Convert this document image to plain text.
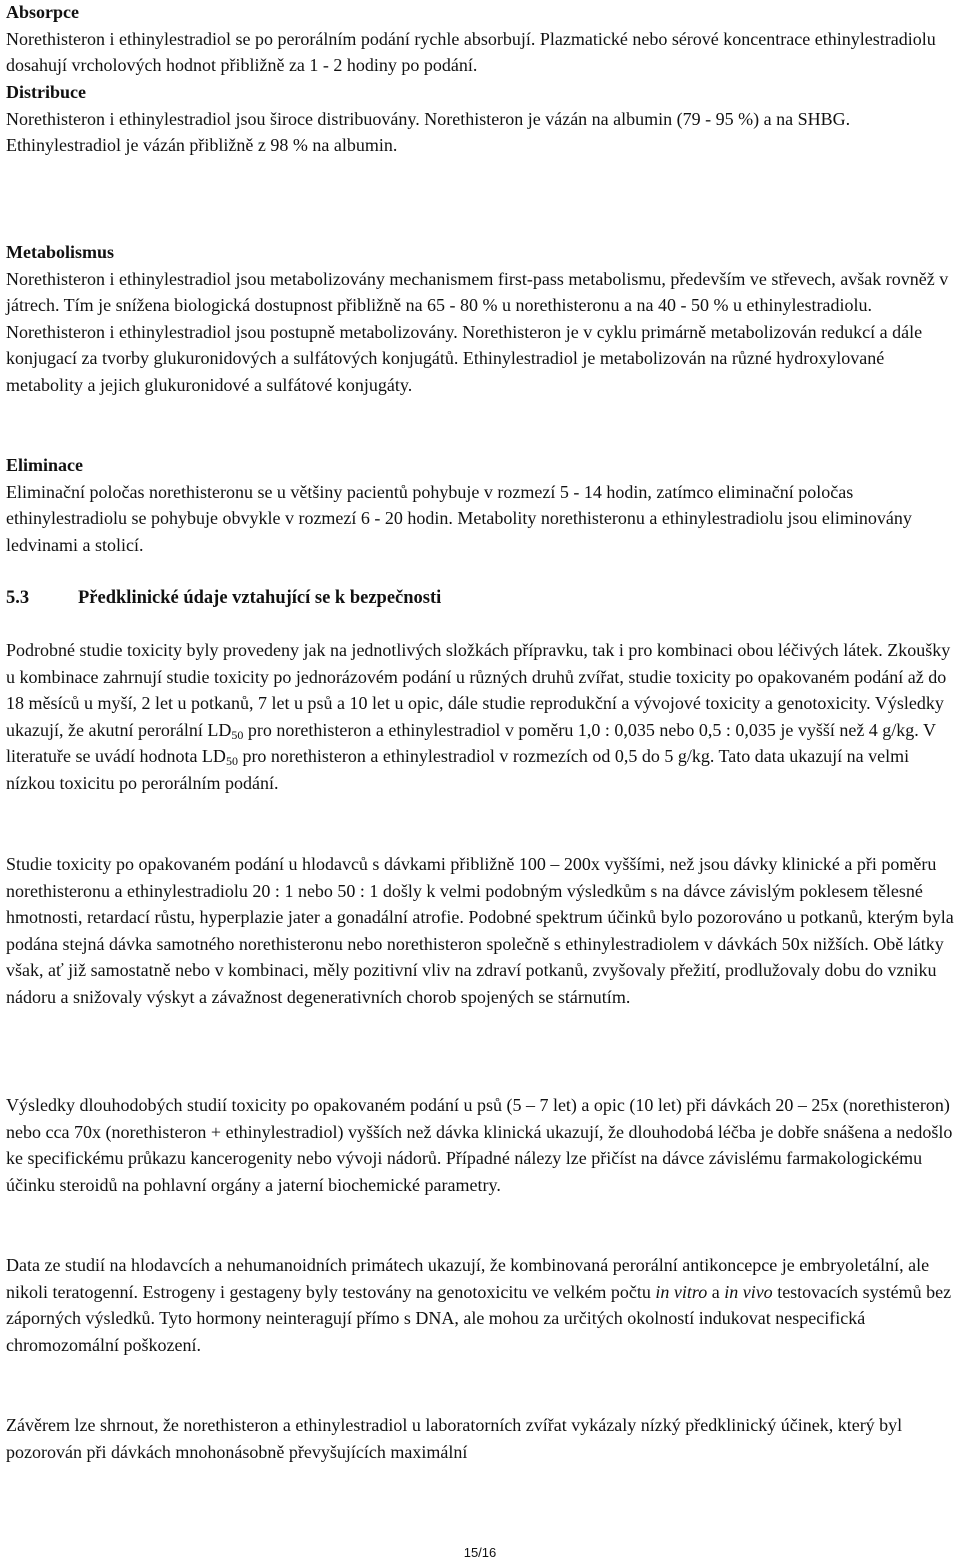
Absorpce
Norethisteron i ethinylestradiol se po perorálním podání rychle absorbují. Plazmatické nebo sérové koncentrace ethinylestradiolu dosahují vrcholových hodnot přibližně za 1 - 2 hodiny po podání.

Distribuce
Norethisteron i ethinylestradiol jsou široce distribuovány. Norethisteron je vázán na albumin (79 - 95 %) a na SHBG. Ethinylestradiol je vázán přibližně z 98 % na albumin.

Metabolismus
Norethisteron i ethinylestradiol jsou metabolizovány mechanismem first-pass metabolismu, především ve střevech, avšak rovněž v játrech. Tím je snížena biologická dostupnost přibližně na 65 - 80 % u norethisteronu a na 40 - 50 % u ethinylestradiolu. Norethisteron i ethinylestradiol jsou postupně metabolizovány. Norethisteron je v cyklu primárně metabolizován redukcí a dále konjugací za tvorby glukuronidových a sulfátových konjugátů. Ethinylestradiol je metabolizován na různé hydroxylované metabolity a jejich glukuronidové a sulfátové konjugáty.

Eliminace
Eliminační poločas norethisteronu se u většiny pacientů pohybuje v rozmezí 5 - 14 hodin, zatímco eliminační poločas ethinylestradiolu se pohybuje obvykle v rozmezí 6 - 20 hodin. Metabolity norethisteronu a ethinylestradiolu jsou eliminovány ledvinami a stolicí.

5.3	Předklinické údaje vztahující se k bezpečnosti

Podrobné studie toxicity byly provedeny jak na jednotlivých složkách přípravku, tak i pro kombinaci obou léčivých látek. Zkoušky u kombinace zahrnují studie toxicity po jednorázovém podání u různých druhů zvířat, studie toxicity po opakovaném podání až do 18 měsíců u myší, 2 let u potkanů, 7 let u psů a 10 let u opic, dále studie reprodukční a vývojové toxicity a genotoxicity. Výsledky ukazují, že akutní perorální $LD_{50}$ pro norethisteron a ethinylestradiol v poměru 1,0 : 0,035 nebo 0,5 : 0,035 je vyšší než 4 g/kg. V literatuře se uvádí hodnota $LD_{50}$ pro norethisteron a ethinylestradiol v rozmezích od 0,5 do 5 g/kg. Tato data ukazují na velmi nízkou toxicitu po perorálním podání.

Studie toxicity po opakovaném podání u hlodavců s dávkami přibližně 100 – 200x vyššími, než jsou dávky klinické a při poměru norethisteronu a ethinylestradiolu 20 : 1 nebo 50 : 1 došly k velmi podobným výsledkům s na dávce závislým poklesem tělesné hmotnosti, retardací růstu, hyperplazie jater a gonadální atrofie. Podobné spektrum účinků bylo pozorováno u potkanů, kterým byla podána stejná dávka samotného norethisteronu nebo norethisteron společně s ethinylestradiolem v dávkách 50x nižších. Obě látky však, ať již samostatně nebo v kombinaci, měly pozitivní vliv na zdraví potkanů, zvyšovaly přežití, prodlužovaly dobu do vzniku nádoru a snižovaly výskyt a závažnost degenerativních chorob spojených se stárnutím.

Výsledky dlouhodobých studií toxicity po opakovaném podání u psů (5 – 7 let) a opic (10 let) při dávkách 20 – 25x (norethisteron) nebo cca 70x (norethisteron + ethinylestradiol) vyšších než dávka klinická ukazují, že dlouhodobá léčba je dobře snášena a nedošlo ke specifickému průkazu kancerogenity nebo vývoji nádorů. Případné nálezy lze přičíst na dávce závislému farmakologickému účinku steroidů na pohlavní orgány a jaterní biochemické parametry.

Data ze studií na hlodavcích a nehumanoidních primátech ukazují, že kombinovaná perorální antikoncepce je embryoletální, ale nikoli teratogenní. Estrogeny i gestageny byly testovány na genotoxicitu ve velkém počtu in vitro a in vivo testovacích systémů bez záporných výsledků. Tyto hormony neinteragují přímo s DNA, ale mohou za určitých okolností indukovat nespecifická chromozomální poškození.

Závěrem lze shrnout, že norethisteron a ethinylestradiol u laboratorních zvířat vykázaly nízký předklinický účinek, který byl pozorován při dávkách mnohonásobně převyšujících maximální

15/16
